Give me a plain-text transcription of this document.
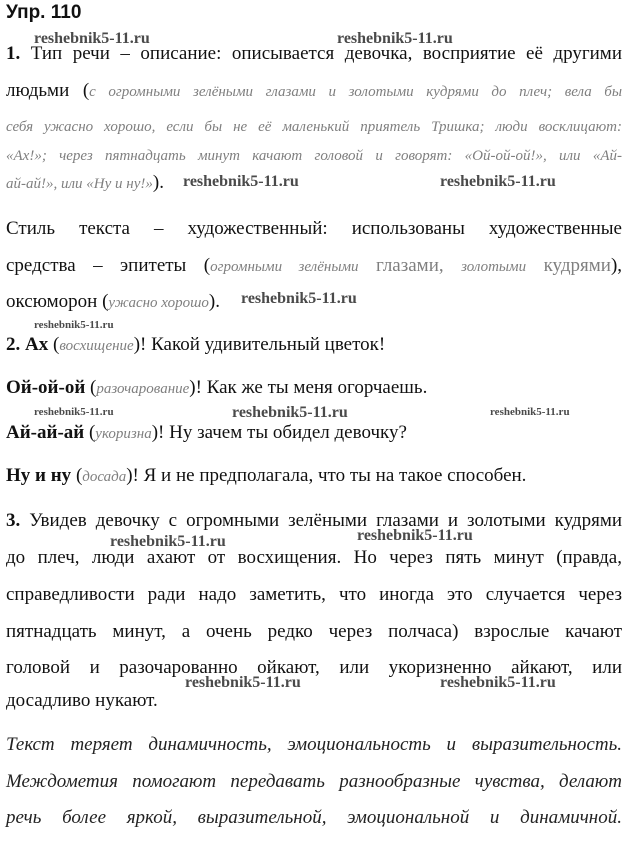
Упр. 110
reshebnik5-11.ru	reshebnik5-11.ru
reshebnik5-11.ru	reshebnik5-11.ru
reshebnik5-11.ru
reshebnik5-11.ru
reshebnik5-11.ru	reshebnik5-11.ru	reshebnik5-11.ru
reshebnik5-11.ru	reshebnik5-11.ru
reshebnik5-11.ru	reshebnik5-11.ru
1. Тип речи – описание: описывается девочка, восприятие её другими
людьми (с огромными зелёными глазами и золотыми кудрями до плеч; вела бы
себя ужасно хорошо, если бы не её маленький приятель Тришка; люди восклицают:
«Ах!»; через пятнадцать минут качают головой и говорят: «Ой-ой-ой!», или «Ай-
ай-ай!», или «Ну и ну!»).
Стиль текста – художественный: использованы художественные
средства – эпитеты (огромными зелёными глазами, золотыми кудрями),
оксюморон (ужасно хорошо).
2. Ах (восхищение)! Какой удивительный цветок!
Ой-ой-ой (разочарование)! Как же ты меня огорчаешь.
Ай-ай-ай (укоризна)! Ну зачем ты обидел девочку?
Ну и ну (досада)! Я и не предполагала, что ты на такое способен.
3. Увидев девочку с огромными зелёными глазами и золотыми кудрями
до плеч, люди ахают от восхищения. Но через пять минут (правда,
справедливости ради надо заметить, что иногда это случается через
пятнадцать минут, а очень редко через полчаса) взрослые качают
головой и разочарованно ойкают, или укоризненно айкают, или
досадливо нукают.
Текст теряет динамичность, эмоциональность и выразительность.
Междометия помогают передавать разнообразные чувства, делают
речь более яркой, выразительной, эмоциональной и динамичной.
